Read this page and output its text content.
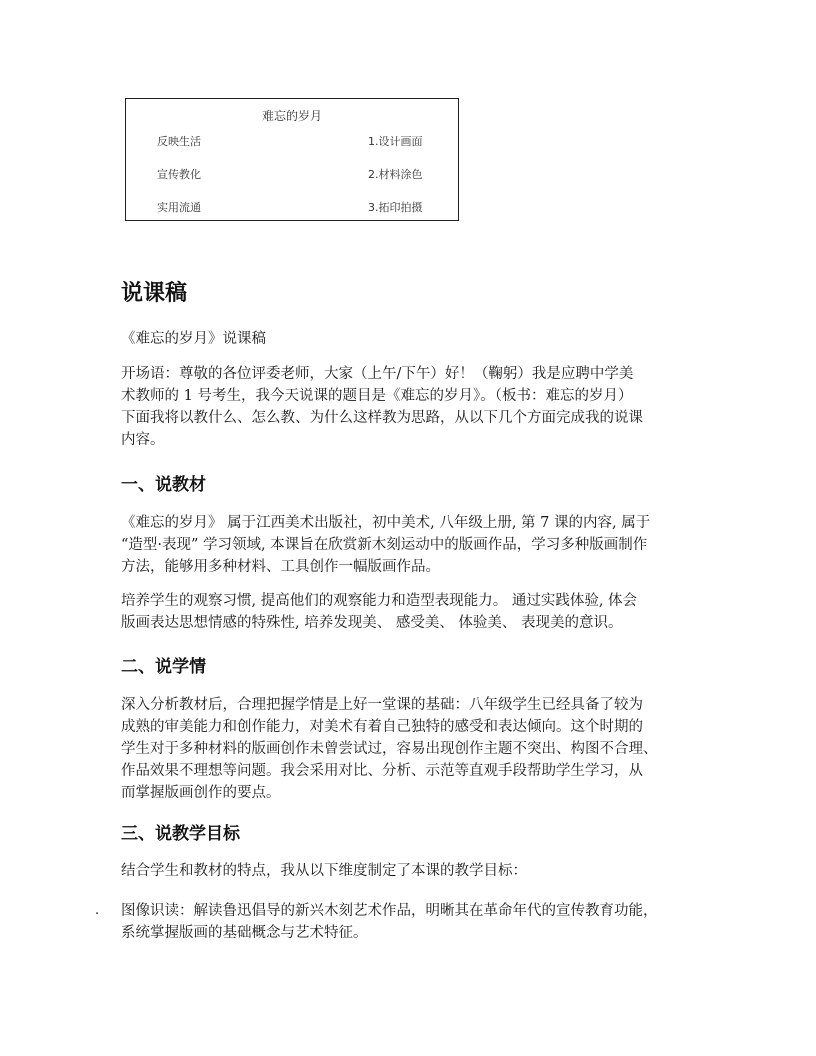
难忘的岁月
反映生活
宣传教化
实用流通
1.设计画面
2.材料涂色
3.拓印拍摄
说课稿

《难忘的岁月》说课稿

开场语：尊敬的各位评委老师，大家（上午/下午）好！（鞠躬）我是应聘中学美
术教师的 1 号考生，我今天说课的题目是《难忘的岁月》。（板书：难忘的岁月）
下面我将以教什么、怎么教、为什么这样教为思路，从以下几个方面完成我的说课
内容。
一、说教材
《难忘的岁月》 属于江西美术出版社，初中美术, 八年级上册, 第 7 课的内容, 属于
“造型·表现” 学习领域, 本课旨在欣赏新木刻运动中的版画作品，学习多种版画制作
方法，能够用多种材料、工具创作一幅版画作品。
培养学生的观察习惯, 提高他们的观察能力和造型表现能力。 通过实践体验, 体会
版画表达思想情感的特殊性, 培养发现美、 感受美、 体验美、 表现美的意识。
二、说学情
深入分析教材后，合理把握学情是上好一堂课的基础：八年级学生已经具备了较为
成熟的审美能力和创作能力，对美术有着自己独特的感受和表达倾向。这个时期的
学生对于多种材料的版画创作未曾尝试过，容易出现创作主题不突出、构图不合理、
作品效果不理想等问题。我会采用对比、分析、示范等直观手段帮助学生学习，从
而掌握版画创作的要点。
三、说教学目标

结合学生和教材的特点，我从以下维度制定了本课的教学目标：

. 图像识读：解读鲁迅倡导的新兴木刻艺术作品，明晰其在革命年代的宣传教育功能，
系统掌握版画的基础概念与艺术特征。
